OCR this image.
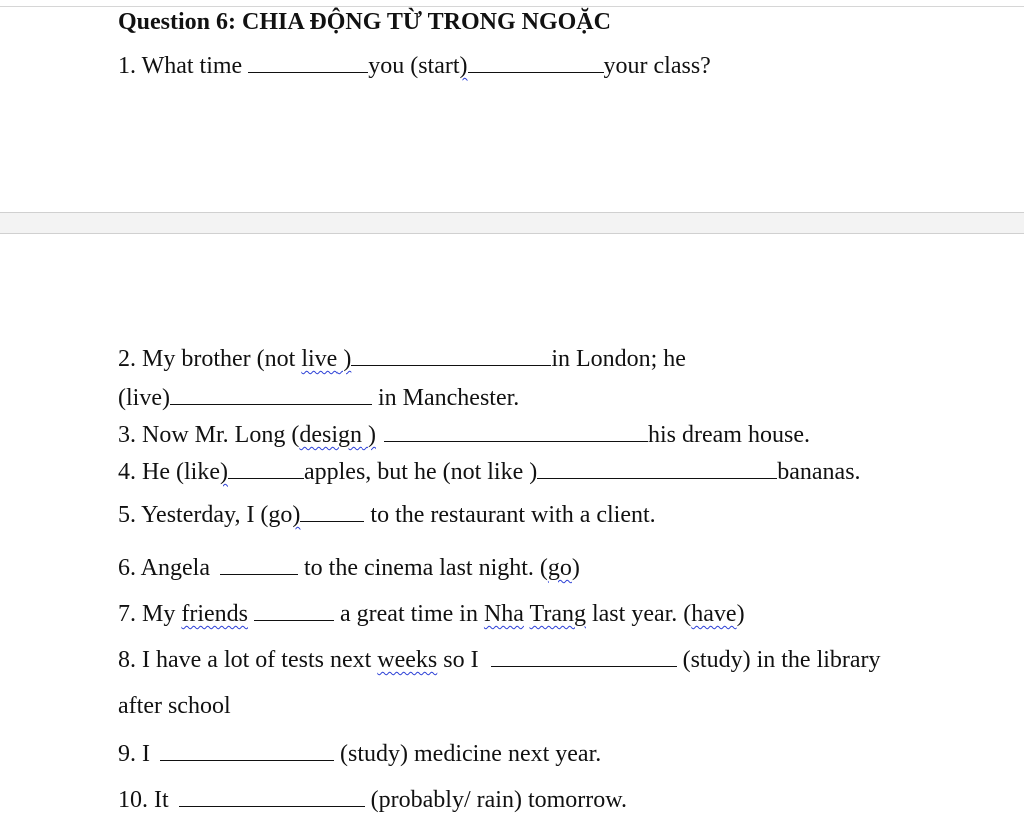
Question 6: CHIA ĐỘNG TỪ TRONG NGOẶC
1. What time	you (start)	your class?
2. My brother (not live )	in London; he
(live)	in Manchester.
3. Now Mr. Long (design )	his dream house.
4. He (like)	apples, but he (not like )	bananas.
5. Yesterday, I (go)	to the restaurant with a client.
6. Angela	to the cinema last night. (go)
7. My friends	a great time in Nha Trang last year. (have)
8. I have a lot of tests next weeks so I	(study) in the library
after school
9. I	(study) medicine next year.
10. It	(probably/ rain) tomorrow.
